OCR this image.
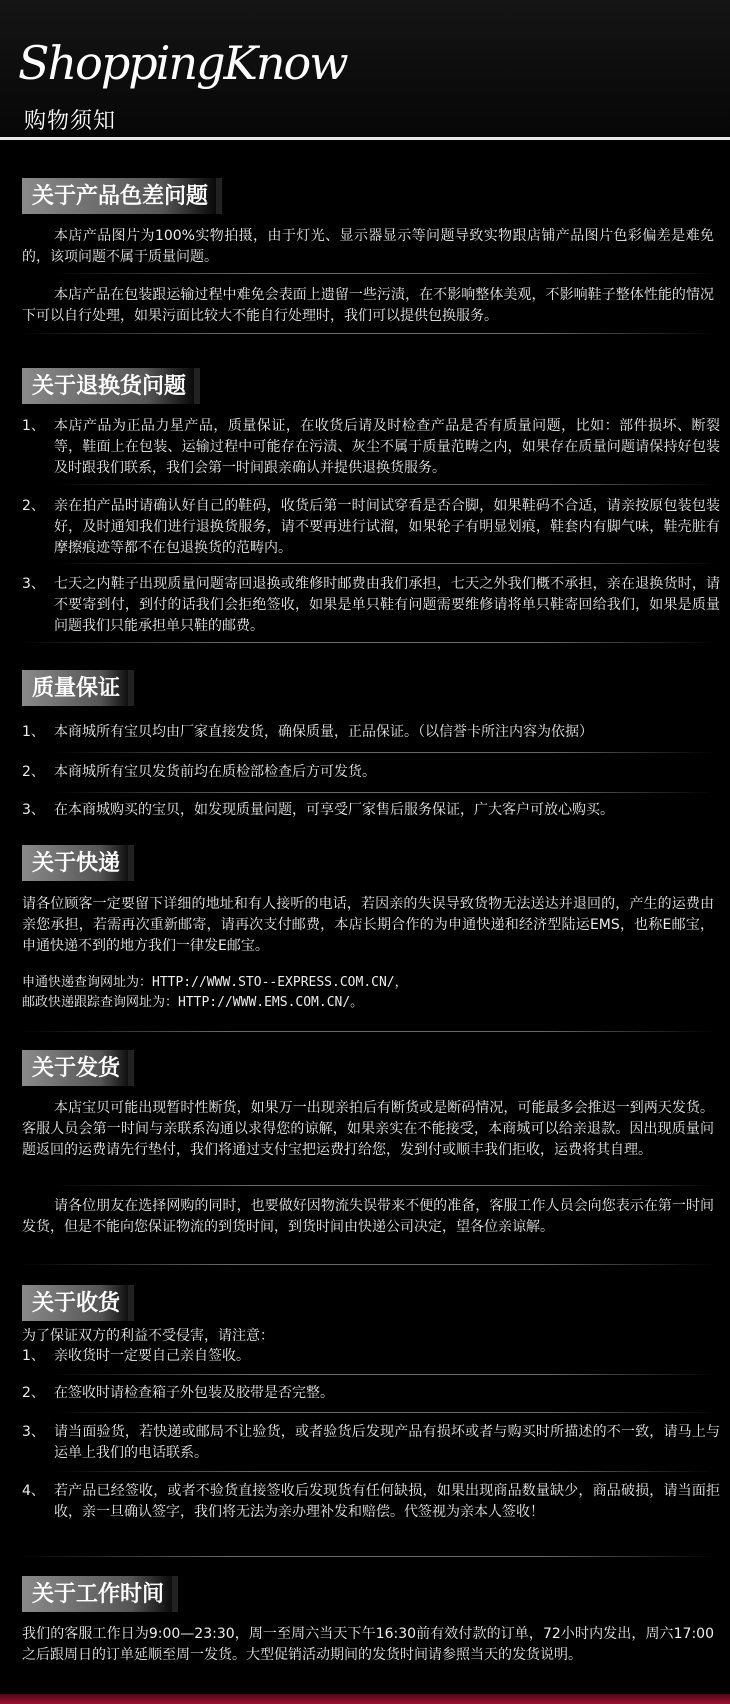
ShoppingKnow
购物须知
关于产品色差问题
本店产品图片为100%实物拍摄，由于灯光、显示器显示等问题导致实物跟店铺产品图片色彩偏差是难免的，该项问题不属于质量问题。
本店产品在包装跟运输过程中难免会表面上遗留一些污渍，在不影响整体美观，不影响鞋子整体性能的情况下可以自行处理，如果污面比较大不能自行处理时，我们可以提供包换服务。
关于退换货问题
1、 本店产品为正品力星产品，质量保证，在收货后请及时检查产品是否有质量问题，比如：部件损坏、断裂等，鞋面上在包装、运输过程中可能存在污渍、灰尘不属于质量范畴之内，如果存在质量问题请保持好包装及时跟我们联系，我们会第一时间跟亲确认并提供退换货服务。
2、 亲在拍产品时请确认好自己的鞋码，收货后第一时间试穿看是否合脚，如果鞋码不合适，请亲按原包装包装好，及时通知我们进行退换货服务，请不要再进行试溜，如果轮子有明显划痕，鞋套内有脚气味，鞋壳脏有摩擦痕迹等都不在包退换货的范畴内。
3、 七天之内鞋子出现质量问题寄回退换或维修时邮费由我们承担，七天之外我们概不承担，亲在退换货时，请不要寄到付，到付的话我们会拒绝签收，如果是单只鞋有问题需要维修请将单只鞋寄回给我们，如果是质量问题我们只能承担单只鞋的邮费。
质量保证
1、 本商城所有宝贝均由厂家直接发货，确保质量，正品保证。（以信誉卡所注内容为依据）
2、 本商城所有宝贝发货前均在质检部检查后方可发货。
3、 在本商城购买的宝贝，如发现质量问题，可享受厂家售后服务保证，广大客户可放心购买。
关于快递
请各位顾客一定要留下详细的地址和有人接听的电话，若因亲的失误导致货物无法送达并退回的，产生的运费由亲您承担，若需再次重新邮寄，请再次支付邮费，本店长期合作的为申通快递和经济型陆运EMS，也称E邮宝，申通快递不到的地方我们一律发E邮宝。
申通快递查询网址为：HTTP://WWW.STO--EXPRESS.COM.CN/，
邮政快递跟踪查询网址为：HTTP://WWW.EMS.COM.CN/。
关于发货
本店宝贝可能出现暂时性断货，如果万一出现亲拍后有断货或是断码情况，可能最多会推迟一到两天发货。客服人员会第一时间与亲联系沟通以求得您的谅解，如果亲实在不能接受，本商城可以给亲退款。因出现质量问题返回的运费请先行垫付，我们将通过支付宝把运费打给您，发到付或顺丰我们拒收，运费将其自理。
请各位朋友在选择网购的同时，也要做好因物流失误带来不便的准备，客服工作人员会向您表示在第一时间发货，但是不能向您保证物流的到货时间，到货时间由快递公司决定，望各位亲谅解。
关于收货
为了保证双方的利益不受侵害，请注意：
1、 亲收货时一定要自己亲自签收。
2、 在签收时请检查箱子外包装及胶带是否完整。
3、 请当面验货，若快递或邮局不让验货，或者验货后发现产品有损坏或者与购买时所描述的不一致，请马上与运单上我们的电话联系。
4、 若产品已经签收，或者不验货直接签收后发现货有任何缺损，如果出现商品数量缺少，商品破损，请当面拒收，亲一旦确认签字，我们将无法为亲办理补发和赔偿。代签视为亲本人签收！
关于工作时间
我们的客服工作日为9:00—23:30，周一至周六当天下午16:30前有效付款的订单，72小时内发出，周六17:00之后跟周日的订单延顺至周一发货。大型促销活动期间的发货时间请参照当天的发货说明。
